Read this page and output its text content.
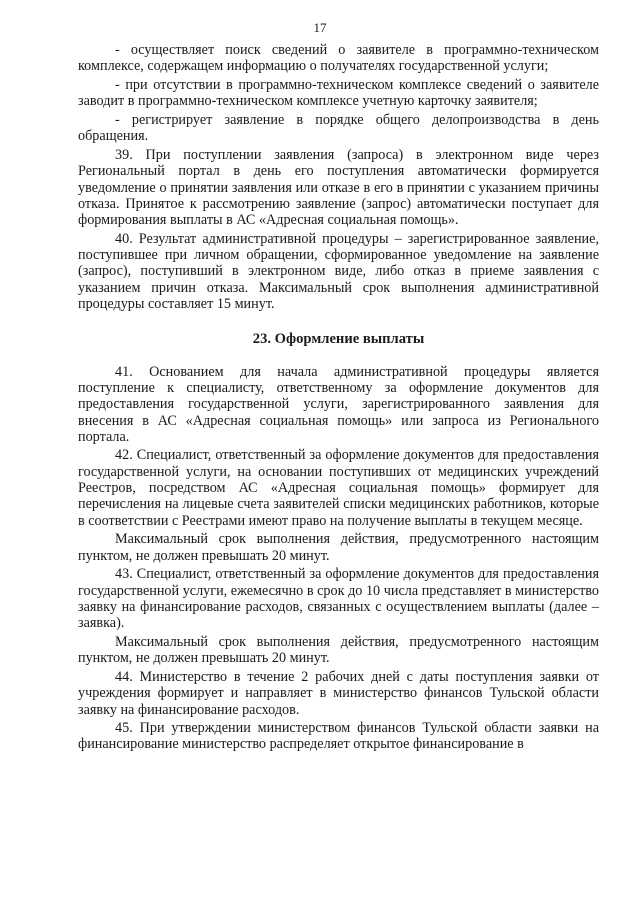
17

- осуществляет поиск сведений о заявителе в программно-техническом комплексе, содержащем информацию о получателях государственной услуги;

- при отсутствии в программно-техническом комплексе сведений о заявителе заводит в программно-техническом комплексе учетную карточку заявителя;

- регистрирует заявление в порядке общего делопроизводства в день обращения.

39. При поступлении заявления (запроса) в электронном виде через Региональный портал в день его поступления автоматически формируется уведомление о принятии заявления или отказе в его в принятии с указанием причины отказа. Принятое к рассмотрению заявление (запрос) автоматически поступает для формирования выплаты в АС «Адресная социальная помощь».

40. Результат административной процедуры – зарегистрированное заявление, поступившее при личном обращении, сформированное уведомление на заявление (запрос), поступивший в электронном виде, либо отказ в приеме заявления с указанием причин отказа. Максимальный срок выполнения административной процедуры составляет 15 минут.

23. Оформление выплаты

41. Основанием для начала административной процедуры является поступление к специалисту, ответственному за оформление документов для предоставления государственной услуги, зарегистрированного заявления для внесения в АС «Адресная социальная помощь» или запроса из Регионального портала.

42. Специалист, ответственный за оформление документов для предоставления государственной услуги, на основании поступивших от медицинских учреждений Реестров, посредством АС «Адресная социальная помощь» формирует для перечисления на лицевые счета заявителей списки медицинских работников, которые в соответствии с Реестрами имеют право на получение выплаты в текущем месяце.

Максимальный срок выполнения действия, предусмотренного настоящим пунктом, не должен превышать 20 минут.

43. Специалист, ответственный за оформление документов для предоставления государственной услуги, ежемесячно в срок до 10 числа представляет в министерство заявку на финансирование расходов, связанных с осуществлением выплаты (далее – заявка).

Максимальный срок выполнения действия, предусмотренного настоящим пунктом, не должен превышать 20 минут.

44. Министерство в течение 2 рабочих дней с даты поступления заявки от учреждения формирует и направляет в министерство финансов Тульской области заявку на финансирование расходов.

45. При утверждении министерством финансов Тульской области заявки на финансирование министерство распределяет открытое финансирование в
